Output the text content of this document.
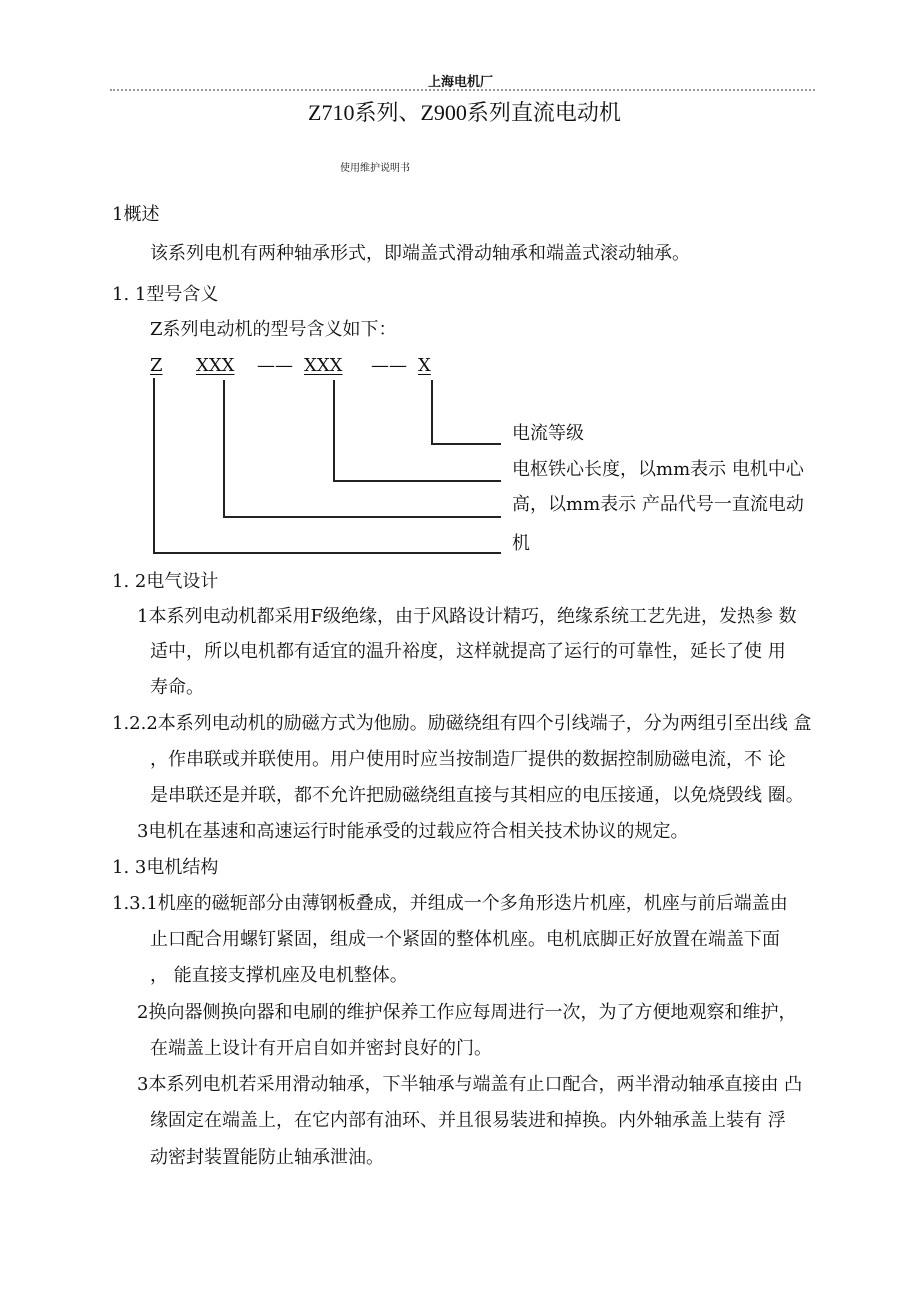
上海电机厂
Z710系列、Z900系列直流电动机
使用维护说明书
1概述
该系列电机有两种轴承形式，即端盖式滑动轴承和端盖式滚动轴承。
1. 1型号含义
Z系列电动机的型号含义如下：
Z	XXX	—— XXX	—— X
电流等级
电枢铁心长度，以mm表示 电机中心
高，以mm表示 产品代号一直流电动
机
1. 2电气设计
1本系列电动机都采用F级绝缘，由于风路设计精巧，绝缘系统工艺先进，发热参 数
适中，所以电机都有适宜的温升裕度，这样就提高了运行的可靠性，延长了使 用
寿命。
1.2.2本系列电动机的励磁方式为他励。励磁绕组有四个引线端子，分为两组引至出线 盒
，作串联或并联使用。用户使用时应当按制造厂提供的数据控制励磁电流，不 论
是串联还是并联，都不允许把励磁绕组直接与其相应的电压接通，以免烧毁线 圈。
3电机在基速和高速运行时能承受的过载应符合相关技术协议的规定。
1. 3电机结构
1.3.1机座的磁轭部分由薄钢板叠成，并组成一个多角形迭片机座，机座与前后端盖由
止口配合用螺钉紧固，组成一个紧固的整体机座。电机底脚正好放置在端盖下面
， 能直接支撑机座及电机整体。
2换向器侧换向器和电刷的维护保养工作应每周进行一次，为了方便地观察和维护，
在端盖上设计有开启自如并密封良好的门。
3本系列电机若采用滑动轴承，下半轴承与端盖有止口配合，两半滑动轴承直接由 凸
缘固定在端盖上，在它内部有油环、并且很易装进和掉换。内外轴承盖上装有 浮
动密封装置能防止轴承泄油。
